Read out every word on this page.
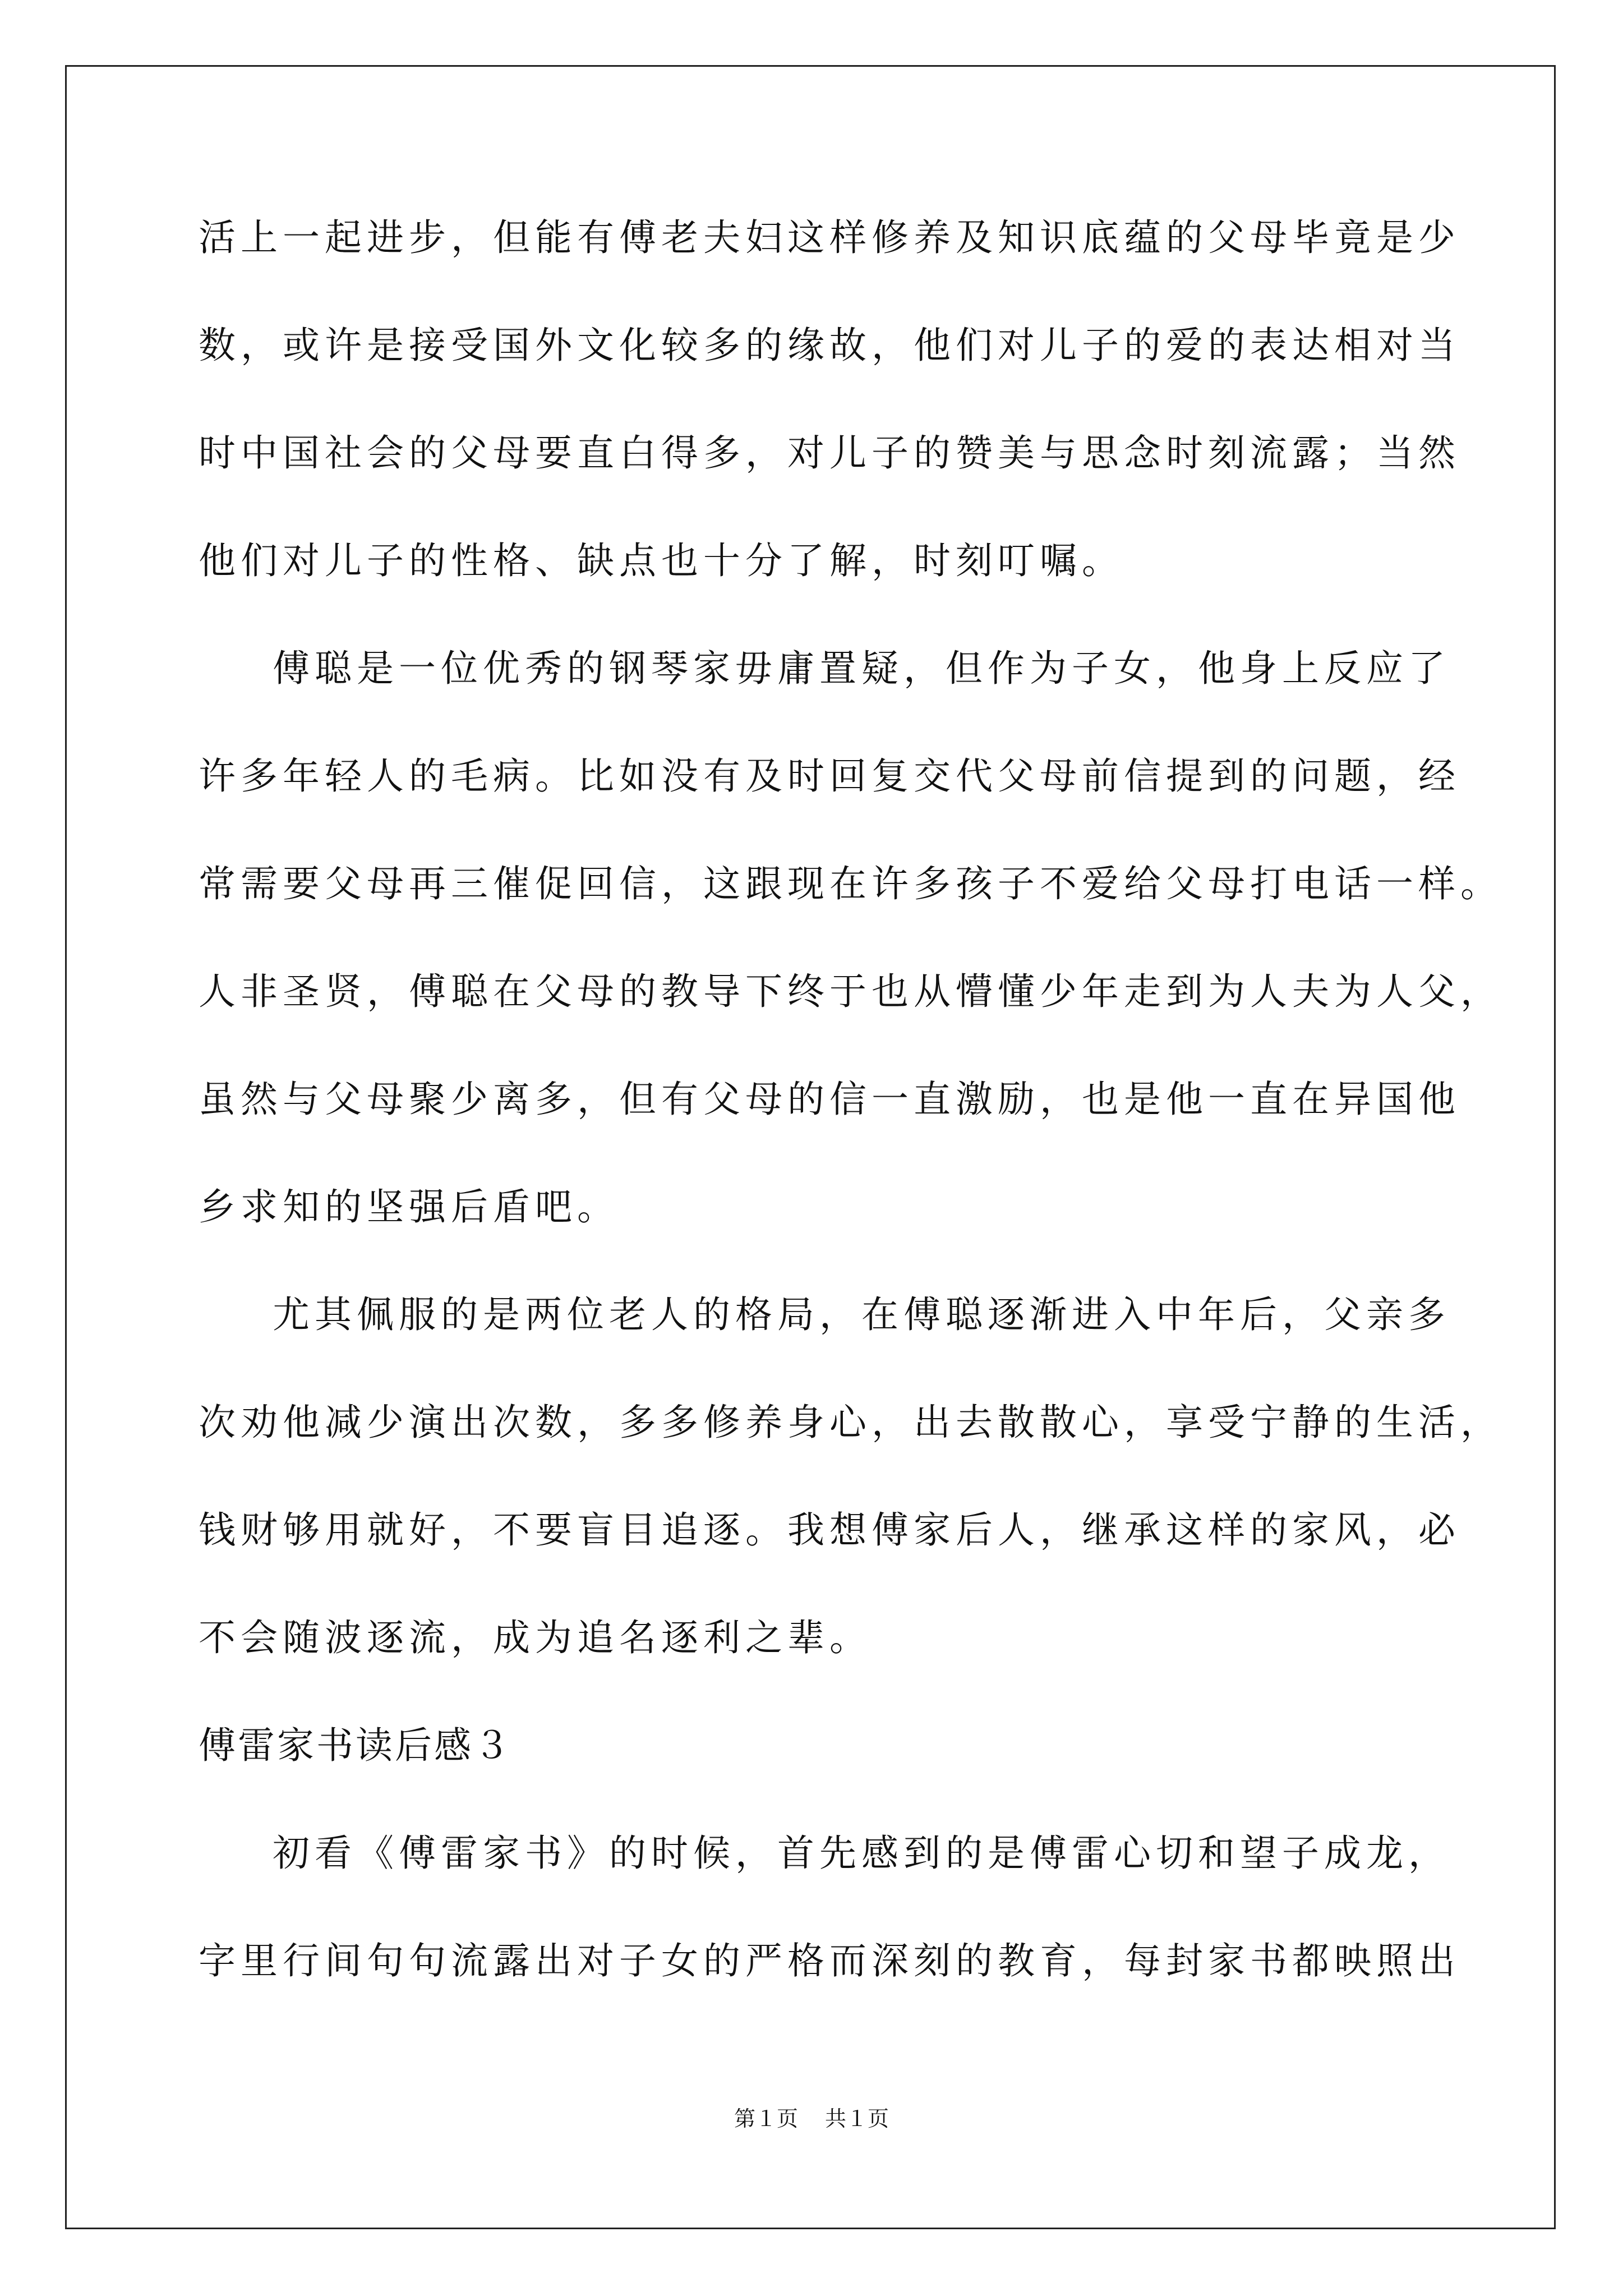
活上一起进步，但能有傅老夫妇这样修养及知识底蕴的父母毕竟是少
数，或许是接受国外文化较多的缘故，他们对儿子的爱的表达相对当
时中国社会的父母要直白得多，对儿子的赞美与思念时刻流露；当然
他们对儿子的性格、缺点也十分了解，时刻叮嘱。
傅聪是一位优秀的钢琴家毋庸置疑，但作为子女，他身上反应了
许多年轻人的毛病。比如没有及时回复交代父母前信提到的问题，经
常需要父母再三催促回信，这跟现在许多孩子不爱给父母打电话一样。
人非圣贤，傅聪在父母的教导下终于也从懵懂少年走到为人夫为人父，
虽然与父母聚少离多，但有父母的信一直激励，也是他一直在异国他
乡求知的坚强后盾吧。
尤其佩服的是两位老人的格局，在傅聪逐渐进入中年后，父亲多
次劝他减少演出次数，多多修养身心，出去散散心，享受宁静的生活，
钱财够用就好，不要盲目追逐。我想傅家后人，继承这样的家风，必
不会随波逐流，成为追名逐利之辈。
傅雷家书读后感３
初看《傅雷家书》的时候，首先感到的是傅雷心切和望子成龙，
字里行间句句流露出对子女的严格而深刻的教育，每封家书都映照出
第１页 共１页
